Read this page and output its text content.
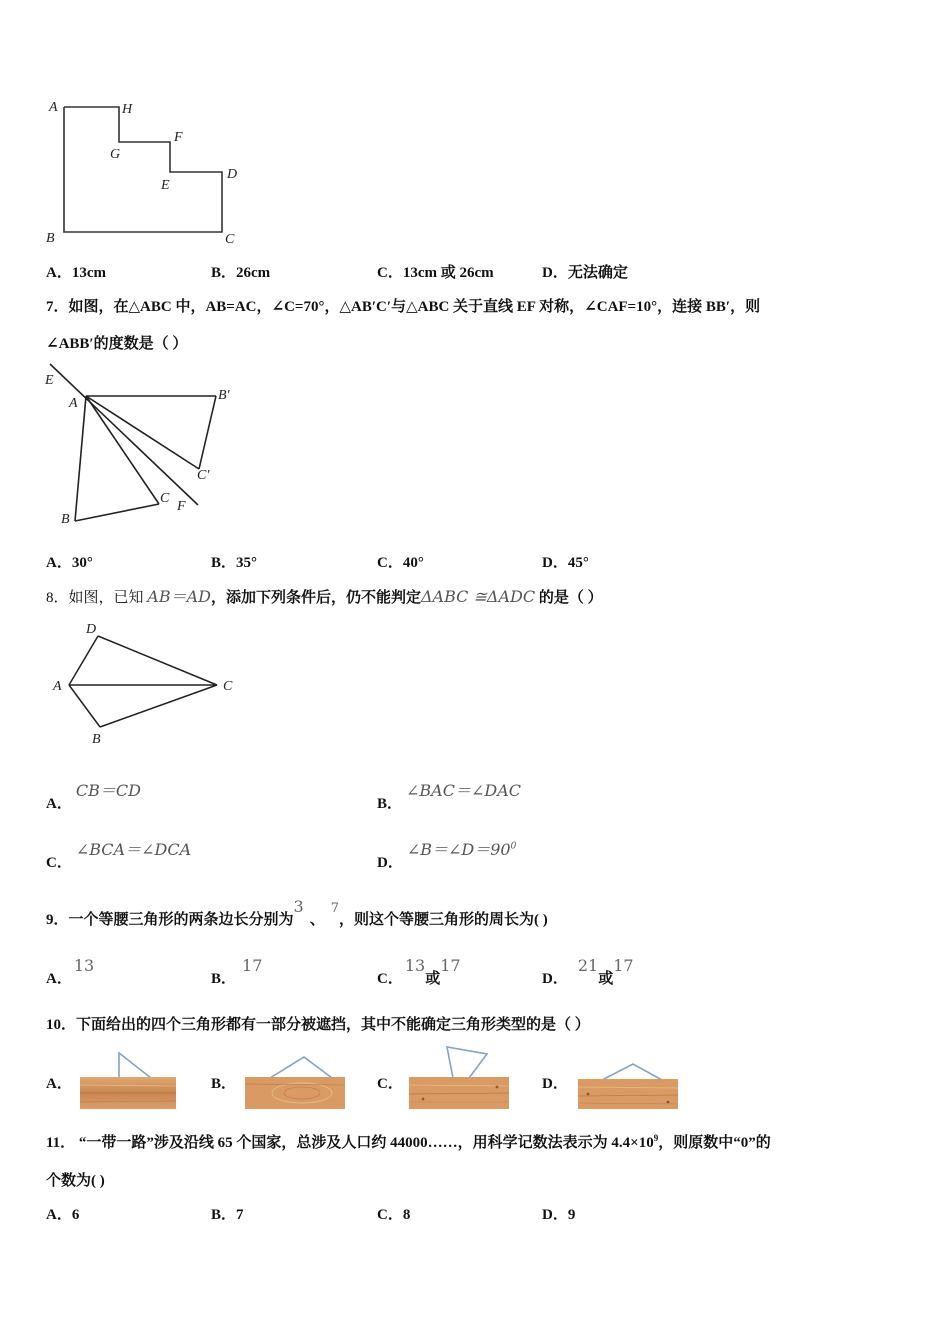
A	H
G
F
E
D
B	C
A．13cm	B．26cm	C．13cm 或 26cm	D．无法确定
7．如图，在△ABC 中，AB=AC，∠C=70°，△AB′C′与△ABC 关于直线 EF 对称，∠CAF=10°，连接 BB′，则
∠ABB′的度数是（ ）
E
A
B′
C′
C
F
B
A．30°	B．35°	C．40°	D．45°
8．如图，已知 AB＝AD，添加下列条件后，仍不能判定ΔABC ≅ΔADC 的是（ ）
D
A	C
B
A．CB＝CD
B．∠BAC＝∠DAC
C．∠BCA＝∠DCA
D．$\angle B=\angle D=90^0$
9．一个等腰三角形的两条边长分别为3、7，则这个等腰三角形的周长为( )
A．13
B．17
C．13或17
D．21或17
10．下面给出的四个三角形都有一部分被遮挡，其中不能确定三角形类型的是（ ）
A．	B．	C．	D．
11． “一带一路”涉及沿线 65 个国家，总涉及人口约 44000……，用科学记数法表示为 $4.4\times 10^9$，则原数中“0”的
个数为( )
A．6	B．7	C．8	D．9
